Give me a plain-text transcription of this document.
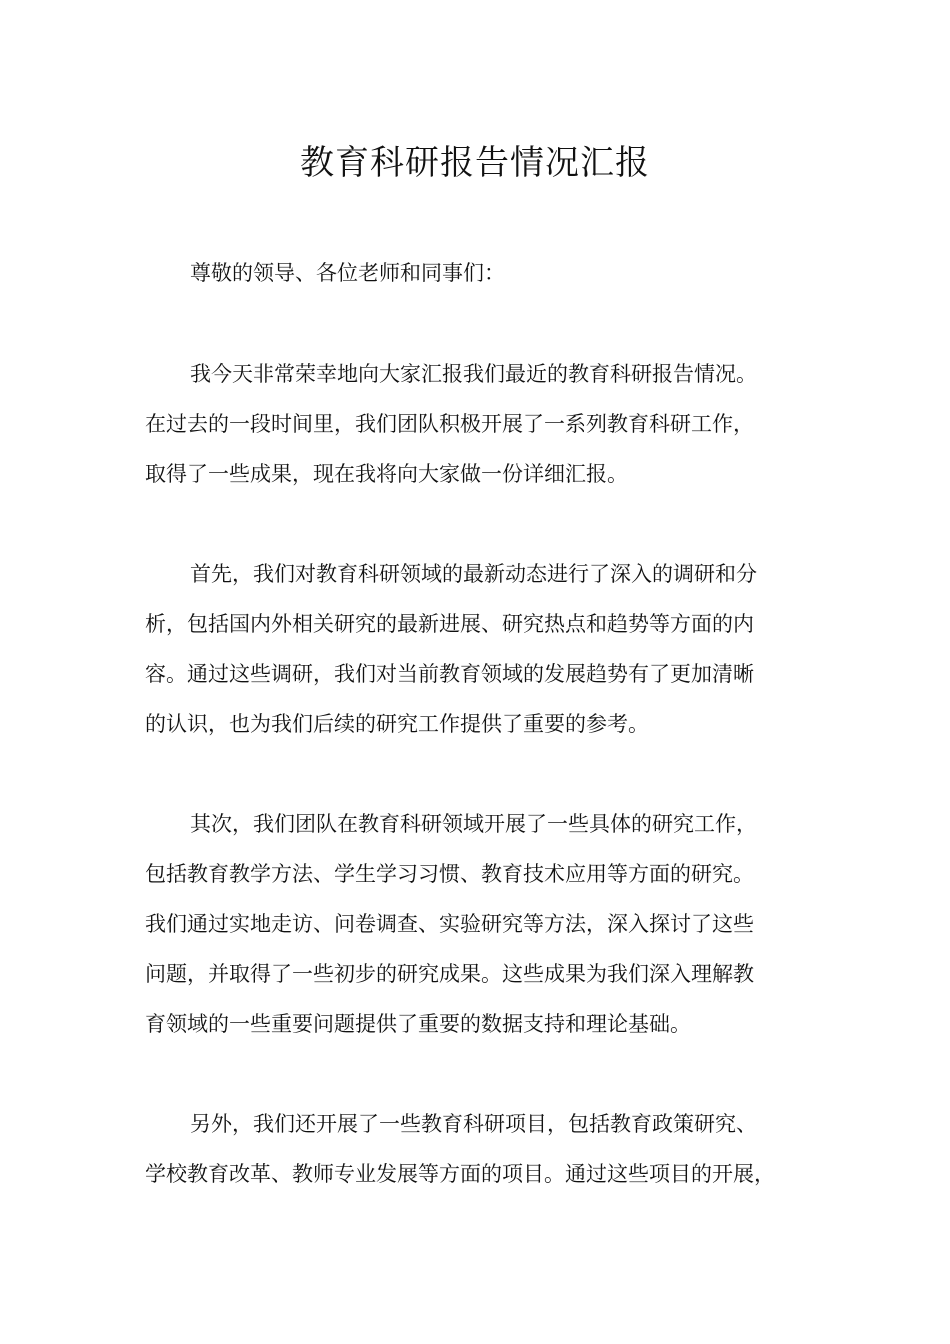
教育科研报告情况汇报

尊敬的领导、各位老师和同事们：

我今天非常荣幸地向大家汇报我们最近的教育科研报告情况。

在过去的一段时间里，我们团队积极开展了一系列教育科研工作，

取得了一些成果，现在我将向大家做一份详细汇报。

首先，我们对教育科研领域的最新动态进行了深入的调研和分

析，包括国内外相关研究的最新进展、研究热点和趋势等方面的内

容。通过这些调研，我们对当前教育领域的发展趋势有了更加清晰

的认识，也为我们后续的研究工作提供了重要的参考。

其次，我们团队在教育科研领域开展了一些具体的研究工作，

包括教育教学方法、学生学习习惯、教育技术应用等方面的研究。

我们通过实地走访、问卷调查、实验研究等方法，深入探讨了这些

问题，并取得了一些初步的研究成果。这些成果为我们深入理解教

育领域的一些重要问题提供了重要的数据支持和理论基础。

另外，我们还开展了一些教育科研项目，包括教育政策研究、

学校教育改革、教师专业发展等方面的项目。通过这些项目的开展，
